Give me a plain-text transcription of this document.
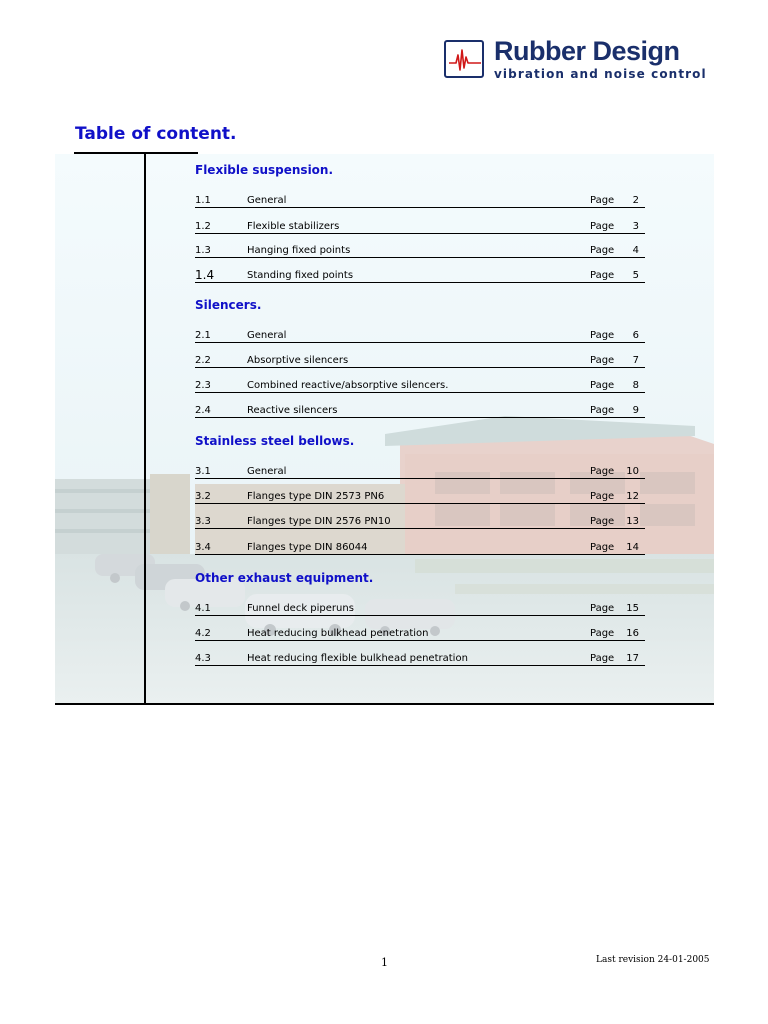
Rubber Design
vibration and noise control
Table of content.
Flexible suspension.
1.1	General	Page 2
1.2	Flexible stabilizers	Page 3
1.3	Hanging fixed points	Page 4
1.4	Standing fixed points	Page 5
Silencers.
2.1	General	Page 6
2.2	Absorptive silencers	Page 7
2.3	Combined reactive/absorptive silencers.	Page 8
2.4	Reactive silencers	Page 9
Stainless steel bellows.
3.1	General	Page 10
3.2	Flanges type DIN 2573 PN6	Page 12
3.3	Flanges type DIN 2576 PN10	Page 13
3.4	Flanges type DIN 86044	Page 14
Other exhaust equipment.
4.1	Funnel deck piperuns	Page 15
4.2	Heat reducing bulkhead penetration	Page 16
4.3	Heat reducing flexible bulkhead penetration	Page 17
1	Last revision 24-01-2005
